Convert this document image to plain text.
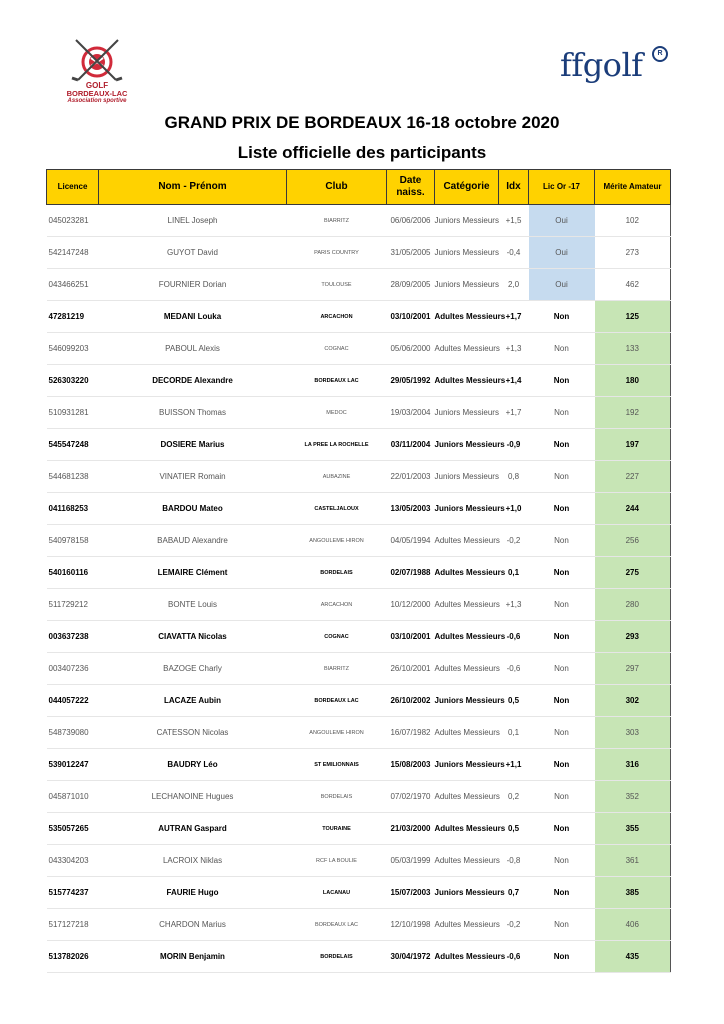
GOLF
BORDEAUX-LAC
Association sportive
ffgolf	R
GRAND PRIX DE BORDEAUX 16-18 octobre 2020
Liste officielle des participants
Licence	Nom - Prénom	Club	Date
naiss.	Catégorie	Idx	Lic Or -17	Mérite Amateur
045023281	LINEL Joseph	BIARRITZ	06/06/2006	Juniors Messieurs	+1,5	Oui	102
542147248	GUYOT David	PARIS COUNTRY	31/05/2005	Juniors Messieurs	-0,4	Oui	273
043466251	FOURNIER Dorian	TOULOUSE	28/09/2005	Juniors Messieurs	2,0	Oui	462
47281219	MEDANI Louka	ARCACHON	03/10/2001	Adultes Messieurs	+1,7	Non	125
546099203	PABOUL Alexis	COGNAC	05/06/2000	Adultes Messieurs	+1,3	Non	133
526303220	DECORDE Alexandre	BORDEAUX LAC	29/05/1992	Adultes Messieurs	+1,4	Non	180
510931281	BUISSON Thomas	MEDOC	19/03/2004	Juniors Messieurs	+1,7	Non	192
545547248	DOSIERE Marius	LA PREE LA ROCHELLE	03/11/2004	Juniors Messieurs	-0,9	Non	197
544681238	VINATIER Romain	AUBAZINE	22/01/2003	Juniors Messieurs	0,8	Non	227
041168253	BARDOU Mateo	CASTELJALOUX	13/05/2003	Juniors Messieurs	+1,0	Non	244
540978158	BABAUD Alexandre	ANGOULEME HIRON	04/05/1994	Adultes Messieurs	-0,2	Non	256
540160116	LEMAIRE Clément	BORDELAIS	02/07/1988	Adultes Messieurs	0,1	Non	275
511729212	BONTE Louis	ARCACHON	10/12/2000	Adultes Messieurs	+1,3	Non	280
003637238	CIAVATTA Nicolas	COGNAC	03/10/2001	Adultes Messieurs	-0,6	Non	293
003407236	BAZOGE Charly	BIARRITZ	26/10/2001	Adultes Messieurs	-0,6	Non	297
044057222	LACAZE Aubin	BORDEAUX LAC	26/10/2002	Juniors Messieurs	0,5	Non	302
548739080	CATESSON Nicolas	ANGOULEME HIRON	16/07/1982	Adultes Messieurs	0,1	Non	303
539012247	BAUDRY Léo	ST EMILIONNAIS	15/08/2003	Juniors Messieurs	+1,1	Non	316
045871010	LECHANOINE Hugues	BORDELAIS	07/02/1970	Adultes Messieurs	0,2	Non	352
535057265	AUTRAN Gaspard	TOURAINE	21/03/2000	Adultes Messieurs	0,5	Non	355
043304203	LACROIX Niklas	RCF LA BOULIE	05/03/1999	Adultes Messieurs	-0,8	Non	361
515774237	FAURIE Hugo	LACANAU	15/07/2003	Juniors Messieurs	0,7	Non	385
517127218	CHARDON Marius	BORDEAUX LAC	12/10/1998	Adultes Messieurs	-0,2	Non	406
513782026	MORIN Benjamin	BORDELAIS	30/04/1972	Adultes Messieurs	-0,6	Non	435
